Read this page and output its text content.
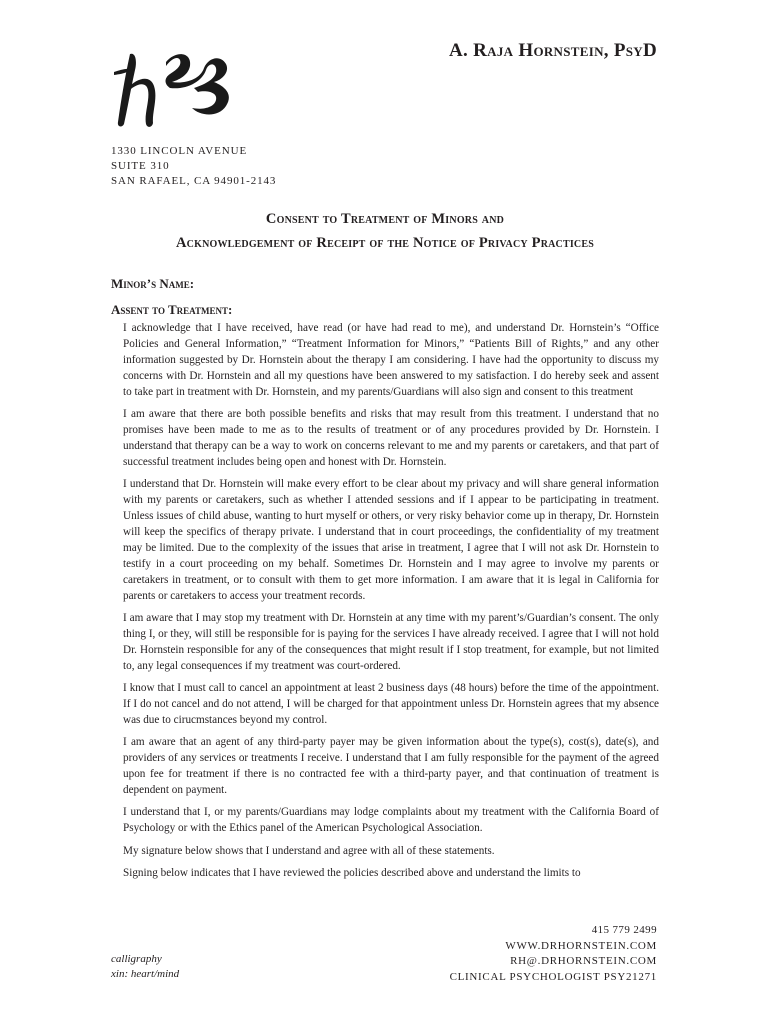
A. Raja Hornstein, PsyD
1330 LINCOLN AVENUE
SUITE 310
SAN RAFAEL, CA 94901-2143
Consent to Treatment of Minors and
Acknowledgement of Receipt of the Notice of Privacy Practices
Minor’s Name:
Assent to Treatment:

I acknowledge that I have received, have read (or have had read to me), and understand Dr. Hornstein’s “Office Policies and General Information,” “Treatment Information for Minors,” “Patients Bill of Rights,” and any other information suggested by Dr. Hornstein about the therapy I am considering. I have had the opportunity to discuss my concerns with Dr. Hornstein and all my questions have been answered to my satisfaction. I do hereby seek and assent to take part in treatment with Dr. Hornstein, and my parents/Guardians will also sign and consent to this treatment

I am aware that there are both possible benefits and risks that may result from this treatment. I understand that no promises have been made to me as to the results of treatment or of any procedures provided by Dr. Hornstein. I understand that therapy can be a way to work on concerns relevant to me and my parents or caretakers, and that part of successful treatment includes being open and honest with Dr. Hornstein.

I understand that Dr. Hornstein will make every effort to be clear about my privacy and will share general information with my parents or caretakers, such as whether I attended sessions and if I appear to be participating in treatment. Unless issues of child abuse, wanting to hurt myself or others, or very risky behavior come up in therapy, Dr. Hornstein will keep the specifics of therapy private. I understand that in court proceedings, the confidentiality of my treatment may be limited. Due to the complexity of the issues that arise in treatment, I agree that I will not ask Dr. Hornstein to testify in a court proceeding on my behalf. Sometimes Dr. Hornstein and I may agree to involve my parents or caretakers in treatment, or to consult with them to get more information. I am aware that it is legal in California for parents or caretakers to access your treatment records.

I am aware that I may stop my treatment with Dr. Hornstein at any time with my parent’s/Guardian’s consent. The only thing I, or they, will still be responsible for is paying for the services I have already received. I agree that I will not hold Dr. Hornstein responsible for any of the consequences that might result if I stop treatment, for example, but not limited to, any legal consequences if my treatment was court-ordered.

I know that I must call to cancel an appointment at least 2 business days (48 hours) before the time of the appointment. If I do not cancel and do not attend, I will be charged for that appointment unless Dr. Hornstein agrees that my absence was due to cirucmstances beyond my control.

I am aware that an agent of any third-party payer may be given information about the type(s), cost(s), date(s), and providers of any services or treatments I receive. I understand that I am fully responsible for the payment of the agreed upon fee for treatment if there is no contracted fee with a third-party payer, and that continuation of treatment is dependent on payment.

I understand that I, or my parents/Guardians may lodge complaints about my treatment with the California Board of Psychology or with the Ethics panel of the American Psychological Association.

My signature below shows that I understand and agree with all of these statements.

Signing below indicates that I have reviewed the policies described above and understand the limits to

calligraphy
xin: heart/mind
415 779 2499
WWW.DRHORNSTEIN.COM
RH@.DRHORNSTEIN.COM
CLINICAL PSYCHOLOGIST PSY21271
